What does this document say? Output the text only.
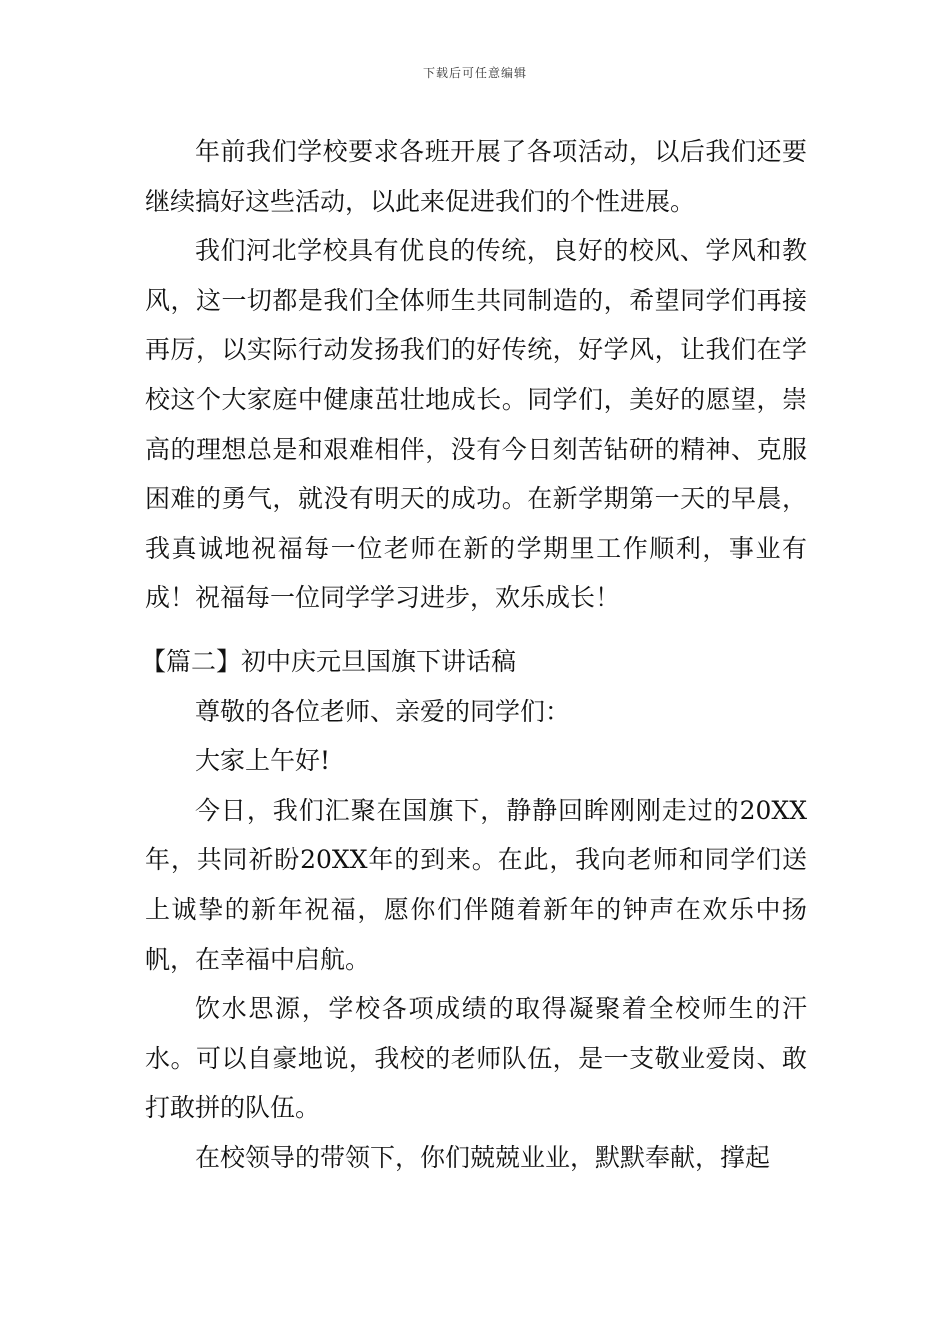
下载后可任意编辑

年前我们学校要求各班开展了各项活动，以后我们还要继续搞好这些活动，以此来促进我们的个性进展。

我们河北学校具有优良的传统，良好的校风、学风和教风，这一切都是我们全体师生共同制造的，希望同学们再接再厉，以实际行动发扬我们的好传统，好学风，让我们在学校这个大家庭中健康茁壮地成长。同学们，美好的愿望，崇高的理想总是和艰难相伴，没有今日刻苦钻研的精神、克服困难的勇气，就没有明天的成功。在新学期第一天的早晨，我真诚地祝福每一位老师在新的学期里工作顺利，事业有成！祝福每一位同学学习进步，欢乐成长！

【篇二】初中庆元旦国旗下讲话稿

尊敬的各位老师、亲爱的同学们：

大家上午好!

今日，我们汇聚在国旗下，静静回眸刚刚走过的20XX年，共同祈盼20XX年的到来。在此，我向老师和同学们送上诚挚的新年祝福，愿你们伴随着新年的钟声在欢乐中扬帆，在幸福中启航。

饮水思源，学校各项成绩的取得凝聚着全校师生的汗水。可以自豪地说，我校的老师队伍，是一支敬业爱岗、敢打敢拼的队伍。

在校领导的带领下，你们兢兢业业，默默奉献，撑起
